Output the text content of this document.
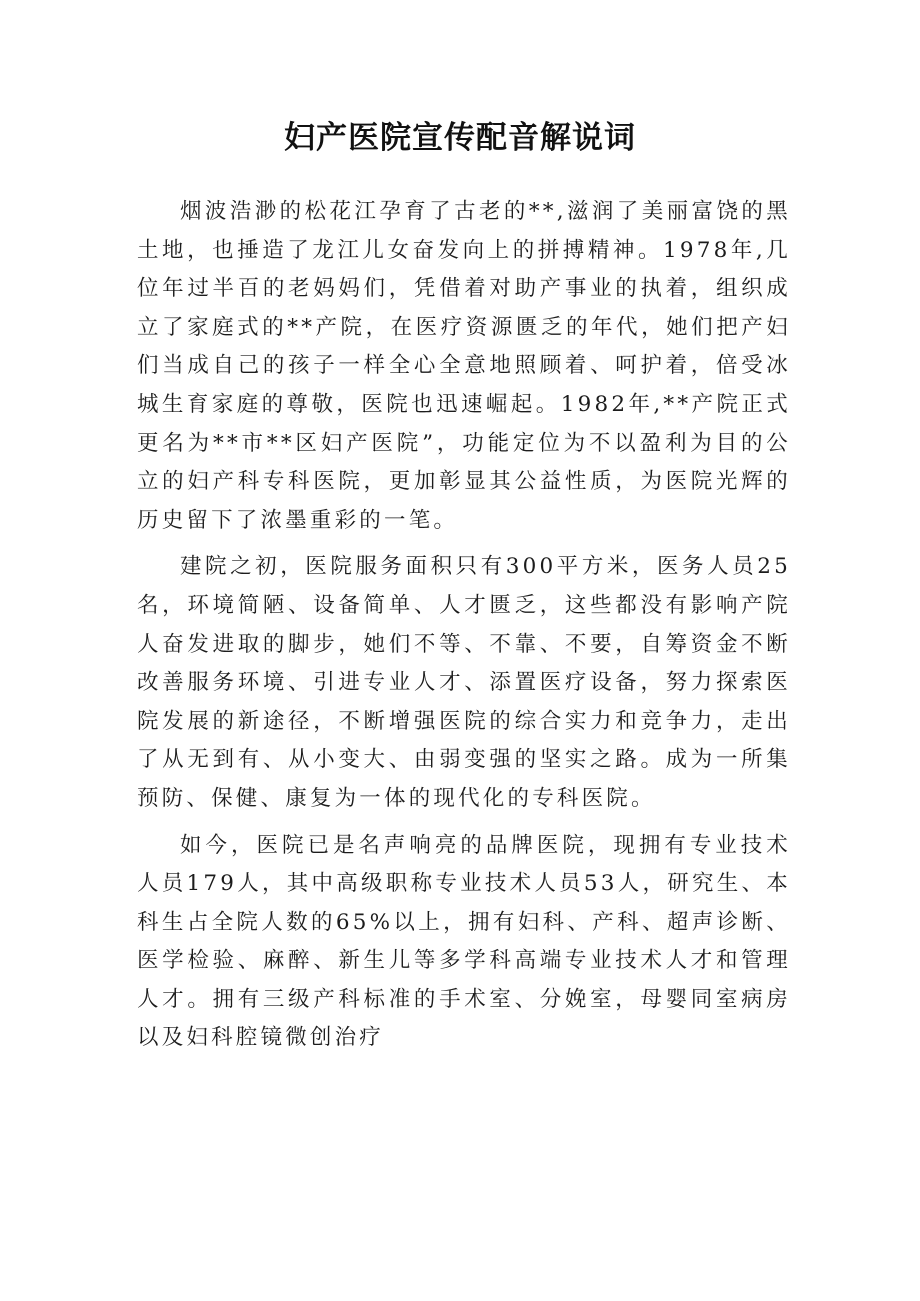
妇产医院宣传配音解说词

烟波浩渺的松花江孕育了古老的**,滋润了美丽富饶的黑土地，也捶造了龙江儿女奋发向上的拼搏精神。1978年,几位年过半百的老妈妈们，凭借着对助产事业的执着，组织成立了家庭式的**产院，在医疗资源匮乏的年代，她们把产妇们当成自己的孩子一样全心全意地照顾着、呵护着，倍受冰城生育家庭的尊敬，医院也迅速崛起。1982年,**产院正式更名为**市**区妇产医院”，功能定位为不以盈利为目的公立的妇产科专科医院，更加彰显其公益性质，为医院光辉的历史留下了浓墨重彩的一笔。

建院之初，医院服务面积只有300平方米，医务人员25名，环境简陋、设备简单、人才匮乏，这些都没有影响产院人奋发进取的脚步，她们不等、不靠、不要，自筹资金不断改善服务环境、引进专业人才、添置医疗设备，努力探索医院发展的新途径，不断增强医院的综合实力和竞争力，走出了从无到有、从小变大、由弱变强的坚实之路。成为一所集预防、保健、康复为一体的现代化的专科医院。

如今，医院已是名声响亮的品牌医院，现拥有专业技术人员179人，其中高级职称专业技术人员53人，研究生、本科生占全院人数的65%以上，拥有妇科、产科、超声诊断、医学检验、麻醉、新生儿等多学科高端专业技术人才和管理人才。拥有三级产科标准的手术室、分娩室，母婴同室病房以及妇科腔镜微创治疗
